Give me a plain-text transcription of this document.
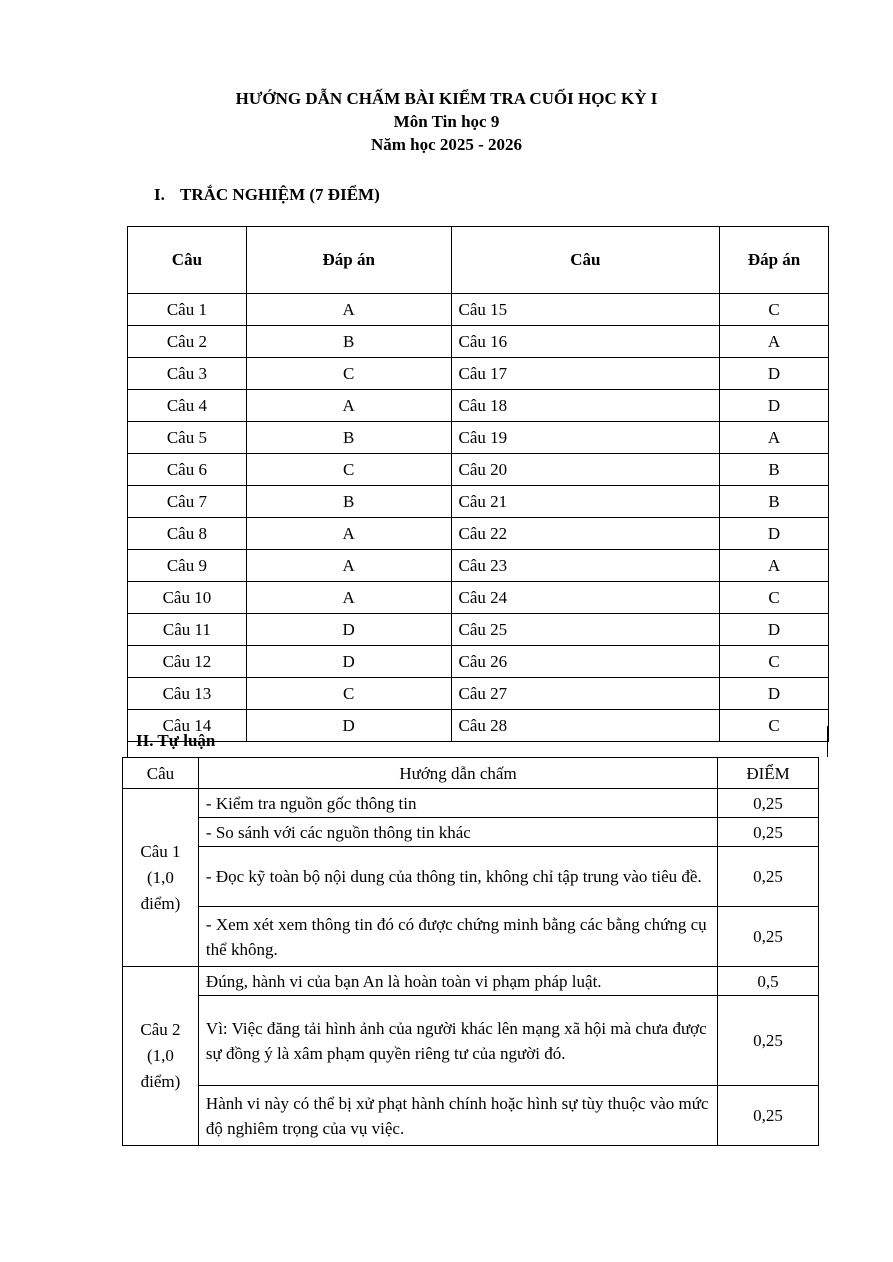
HƯỚNG DẪN CHẤM BÀI KIỂM TRA CUỐI HỌC KỲ I
Môn Tin học 9
Năm học 2025 - 2026
I. TRẮC NGHIỆM (7 ĐIỂM)
Câu	Đáp án	Câu	Đáp án
Câu 1	A	Câu 15	C
Câu 2	B	Câu 16	A
Câu 3	C	Câu 17	D
Câu 4	A	Câu 18	D
Câu 5	B	Câu 19	A
Câu 6	C	Câu 20	B
Câu 7	B	Câu 21	B
Câu 8	A	Câu 22	D
Câu 9	A	Câu 23	A
Câu 10	A	Câu 24	C
Câu 11	D	Câu 25	D
Câu 12	D	Câu 26	C
Câu 13	C	Câu 27	D
Câu 14	D	Câu 28	C
II. Tự luận
Câu	Hướng dẫn chấm	ĐIỂM

Câu 1
(1,0
điểm)	- Kiểm tra nguồn gốc thông tin	0,25
	- So sánh với các nguồn thông tin khác	0,25
	- Đọc kỹ toàn bộ nội dung của thông tin, không chỉ tập trung vào tiêu đề.	0,25
	- Xem xét xem thông tin đó có được chứng minh bằng các bằng chứng cụ thể không.	0,25

Câu 2
(1,0
điểm)	Đúng, hành vi của bạn An là hoàn toàn vi phạm pháp luật.	0,5
	Vì: Việc đăng tải hình ảnh của người khác lên mạng xã hội mà chưa được sự đồng ý là xâm phạm quyền riêng tư của người đó.	0,25
	Hành vi này có thể bị xử phạt hành chính hoặc hình sự tùy thuộc vào mức độ nghiêm trọng của vụ việc.	0,25
